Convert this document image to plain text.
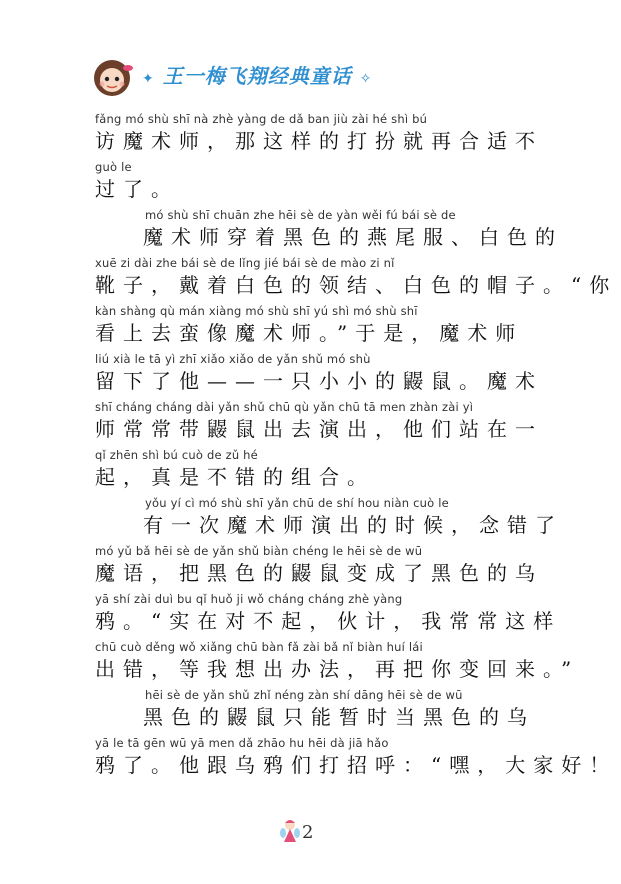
✦ 王一梅飞翔经典童话 ✧
fǎng mó shù shī nà zhè yàng de dǎ ban jiù zài hé shì bú
访魔术师，那这样的打扮就再合适不
guò le
过了。
mó shù shī chuān zhe hēi sè de yàn wěi fú bái sè de
魔术师穿着黑色的燕尾服、白色的
xuē zi dài zhe bái sè de lǐng jié bái sè de mào zi nǐ
靴子，戴着白色的领结、白色的帽子。“你
kàn shàng qù mán xiàng mó shù shī yú shì mó shù shī
看上去蛮像魔术师。”于是，魔术师
liú xià le tā yì zhī xiǎo xiǎo de yǎn shǔ mó shù
留下了他——一只小小的鼹鼠。魔术
shī cháng cháng dài yǎn shǔ chū qù yǎn chū tā men zhàn zài yì
师常常带鼹鼠出去演出，他们站在一
qǐ zhēn shì bú cuò de zǔ hé
起，真是不错的组合。
yǒu yí cì mó shù shī yǎn chū de shí hou niàn cuò le
有一次魔术师演出的时候，念错了
mó yǔ bǎ hēi sè de yǎn shǔ biàn chéng le hēi sè de wū
魔语，把黑色的鼹鼠变成了黑色的乌
yā shí zài duì bu qǐ huǒ ji wǒ cháng cháng zhè yàng
鸦。“实在对不起，伙计，我常常这样
chū cuò děng wǒ xiǎng chū bàn fǎ zài bǎ nǐ biàn huí lái
出错，等我想出办法，再把你变回来。”
hēi sè de yǎn shǔ zhǐ néng zàn shí dāng hēi sè de wū
黑色的鼹鼠只能暂时当黑色的乌
yā le tā gēn wū yā men dǎ zhāo hu hēi dà jiā hǎo
鸦了。他跟乌鸦们打招呼：“嘿，大家好！
2
